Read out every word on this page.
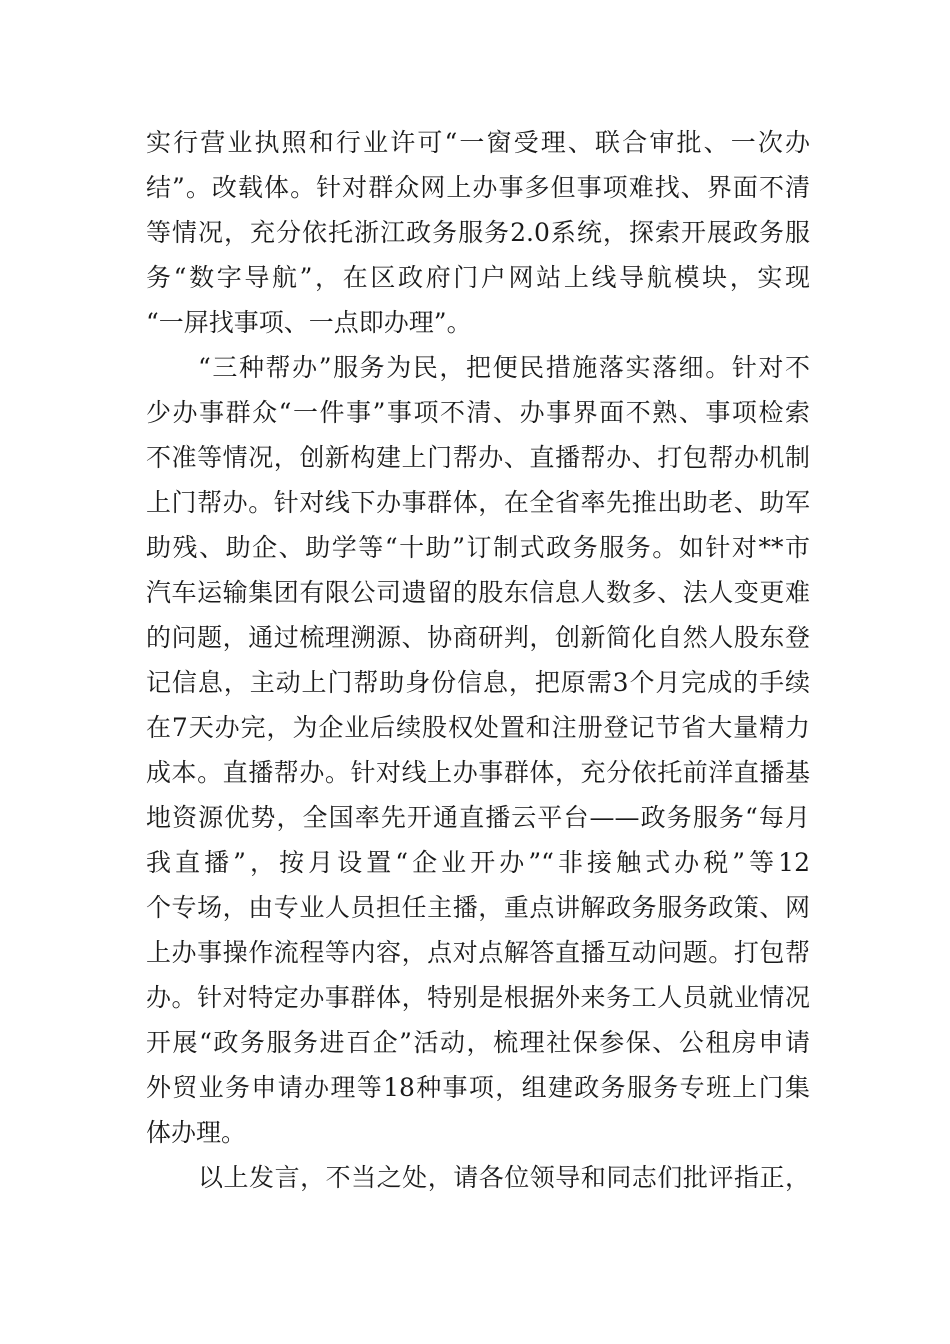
实行营业执照和行业许可“一窗受理、联合审批、一次办
结”。改载体。针对群众网上办事多但事项难找、界面不清
等情况，充分依托浙江政务服务2.0系统，探索开展政务服
务“数字导航”，在区政府门户网站上线导航模块，实现
“一屏找事项、一点即办理”。
“三种帮办”服务为民，把便民措施落实落细。针对不
少办事群众“一件事”事项不清、办事界面不熟、事项检索
不准等情况，创新构建上门帮办、直播帮办、打包帮办机制
上门帮办。针对线下办事群体，在全省率先推出助老、助军
助残、助企、助学等“十助”订制式政务服务。如针对**市
汽车运输集团有限公司遗留的股东信息人数多、法人变更难
的问题，通过梳理溯源、协商研判，创新简化自然人股东登
记信息，主动上门帮助身份信息，把原需3个月完成的手续
在7天办完，为企业后续股权处置和注册登记节省大量精力
成本。直播帮办。针对线上办事群体，充分依托前洋直播基
地资源优势，全国率先开通直播云平台——政务服务“每月
我直播”，按月设置“企业开办”“非接触式办税”等12
个专场，由专业人员担任主播，重点讲解政务服务政策、网
上办事操作流程等内容，点对点解答直播互动问题。打包帮
办。针对特定办事群体，特别是根据外来务工人员就业情况
开展“政务服务进百企”活动，梳理社保参保、公租房申请
外贸业务申请办理等18种事项，组建政务服务专班上门集
体办理。
以上发言，不当之处，请各位领导和同志们批评指正，
